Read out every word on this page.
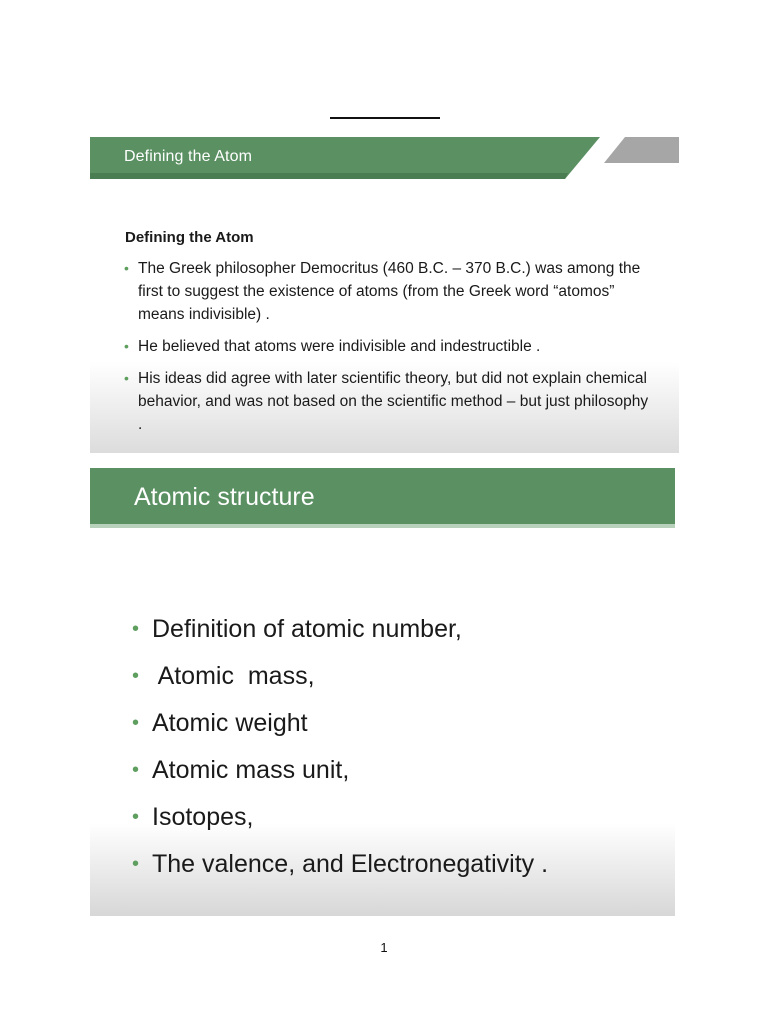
Defining the Atom
Defining the Atom
• The Greek philosopher Democritus (460 B.C. – 370 B.C.) was among the first to suggest the existence of atoms (from the Greek word “atomos” means indivisible) .
• He believed that atoms were indivisible and indestructible .
• His ideas did agree with later scientific theory, but did not explain chemical behavior, and was not based on the scientific method – but just philosophy .
Atomic structure
• Definition of atomic number,
• Atomic  mass,
• Atomic weight
• Atomic mass unit,
• Isotopes,
• The valence, and Electronegativity .
1
